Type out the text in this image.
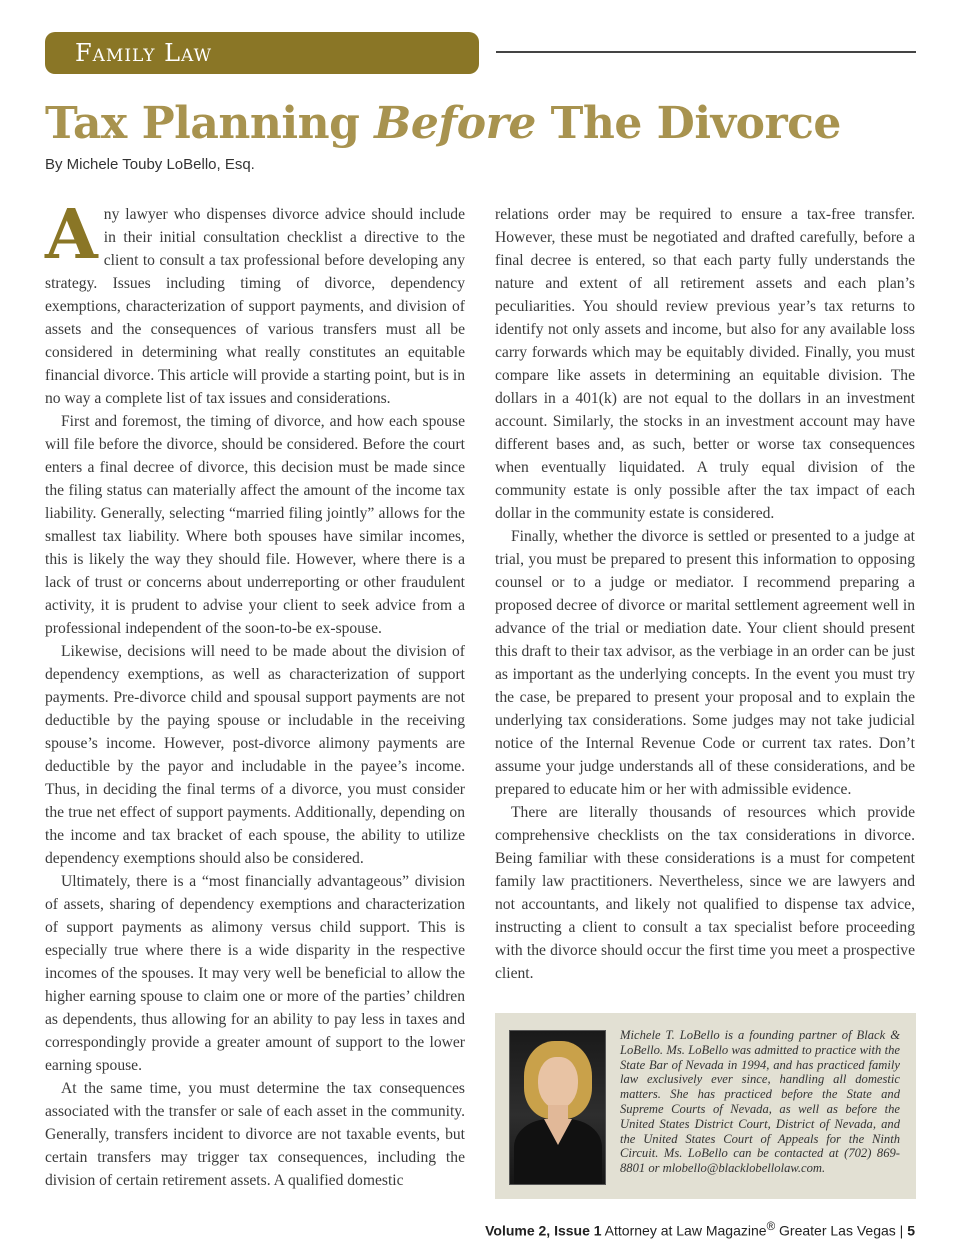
Family Law
Tax Planning Before The Divorce
By Michele Touby LoBello, Esq.

Any lawyer who dispenses divorce advice should include in their initial consultation checklist a directive to the client to consult a tax professional before developing any strategy. Issues including timing of divorce, dependency exemptions, characterization of support payments, and division of assets and the consequences of various transfers must all be considered in determining what really constitutes an equitable financial divorce. This article will provide a starting point, but is in no way a complete list of tax issues and considerations.

First and foremost, the timing of divorce, and how each spouse will file before the divorce, should be considered. Before the court enters a final decree of divorce, this decision must be made since the filing status can materially affect the amount of the income tax liability. Generally, selecting “married filing jointly” allows for the smallest tax liability. Where both spouses have similar incomes, this is likely the way they should file. However, where there is a lack of trust or concerns about underreporting or other fraudulent activity, it is prudent to advise your client to seek advice from a professional independent of the soon-to-be ex-spouse.

Likewise, decisions will need to be made about the division of dependency exemptions, as well as characterization of support payments. Pre-divorce child and spousal support payments are not deductible by the paying spouse or includable in the receiving spouse’s income. However, post-divorce alimony payments are deductible by the payor and includable in the payee’s income. Thus, in deciding the final terms of a divorce, you must consider the true net effect of support payments. Additionally, depending on the income and tax bracket of each spouse, the ability to utilize dependency exemptions should also be considered.

Ultimately, there is a “most financially advantageous” division of assets, sharing of dependency exemptions and characterization of support payments as alimony versus child support. This is especially true where there is a wide disparity in the respective incomes of the spouses. It may very well be beneficial to allow the higher earning spouse to claim one or more of the parties’ children as dependents, thus allowing for an ability to pay less in taxes and correspondingly provide a greater amount of support to the lower earning spouse.

At the same time, you must determine the tax consequences associated with the transfer or sale of each asset in the community. Generally, transfers incident to divorce are not taxable events, but certain transfers may trigger tax consequences, including the division of certain retirement assets. A qualified domestic

relations order may be required to ensure a tax-free transfer. However, these must be negotiated and drafted carefully, before a final decree is entered, so that each party fully understands the nature and extent of all retirement assets and each plan’s peculiarities. You should review previous year’s tax returns to identify not only assets and income, but also for any available loss carry forwards which may be equitably divided. Finally, you must compare like assets in determining an equitable division. The dollars in a 401(k) are not equal to the dollars in an investment account. Similarly, the stocks in an investment account may have different bases and, as such, better or worse tax consequences when eventually liquidated. A truly equal division of the community estate is only possible after the tax impact of each dollar in the community estate is considered.

Finally, whether the divorce is settled or presented to a judge at trial, you must be prepared to present this information to opposing counsel or to a judge or mediator. I recommend preparing a proposed decree of divorce or marital settlement agreement well in advance of the trial or mediation date. Your client should present this draft to their tax advisor, as the verbiage in an order can be just as important as the underlying concepts. In the event you must try the case, be prepared to present your proposal and to explain the underlying tax considerations. Some judges may not take judicial notice of the Internal Revenue Code or current tax rates. Don’t assume your judge understands all of these considerations, and be prepared to educate him or her with admissible evidence.

There are literally thousands of resources which provide comprehensive checklists on the tax considerations in divorce. Being familiar with these considerations is a must for competent family law practitioners. Nevertheless, since we are lawyers and not accountants, and likely not qualified to dispense tax advice, instructing a client to consult a tax specialist before proceeding with the divorce should occur the first time you meet a prospective client.

Michele T. LoBello is a founding partner of Black & LoBello. Ms. LoBello was admitted to practice with the State Bar of Nevada in 1994, and has practiced family law exclusively ever since, handling all domestic matters. She has practiced before the State and Supreme Courts of Nevada, as well as before the United States District Court, District of Nevada, and the United States Court of Appeals for the Ninth Circuit. Ms. LoBello can be contacted at (702) 869-8801 or mlobello@blacklobellolaw.com.

Volume 2, Issue 1 Attorney at Law Magazine® Greater Las Vegas | 5
